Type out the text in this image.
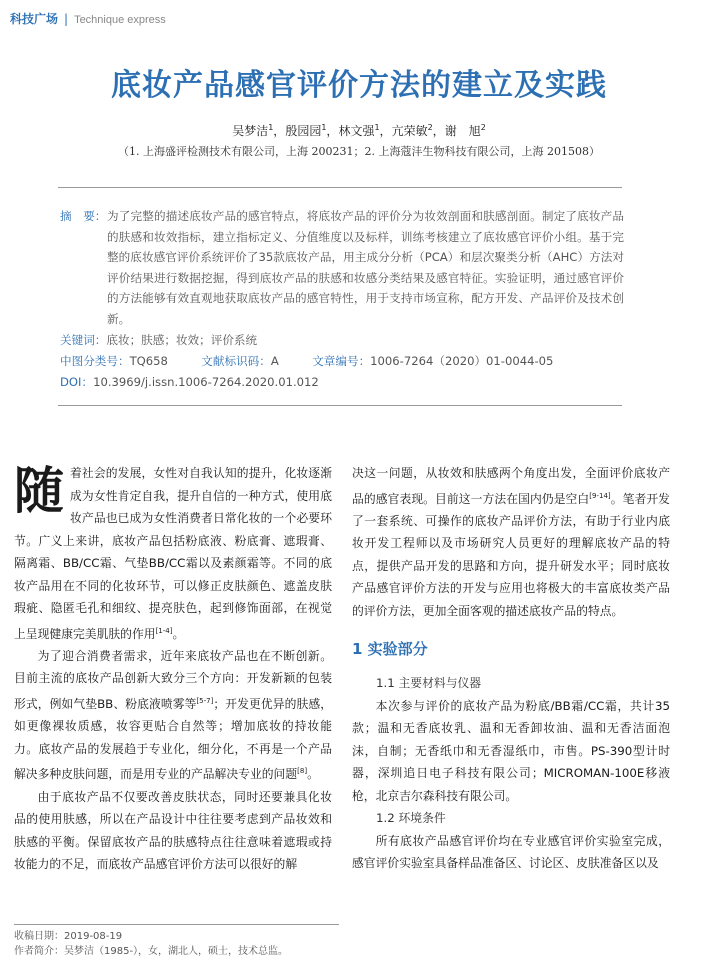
科技广场 | Technique express
底妆产品感官评价方法的建立及实践
吴梦洁$^1$，殷园园$^1$，林文强$^1$，亢荣敏$^2$，谢　旭$^2$
（1. 上海盛评检测技术有限公司，上海 200231；2. 上海蔻沣生物科技有限公司，上海 201508）
摘　要： 为了完整的描述底妆产品的感官特点，将底妆产品的评价分为妆效剖面和肤感剖面。制定了底妆产品的肤感和妆效指标，建立指标定义、分值维度以及标样，训练考核建立了底妆感官评价小组。基于完整的底妆感官评价系统评价了35款底妆产品，用主成分分析（PCA）和层次聚类分析（AHC）方法对评价结果进行数据挖掘，得到底妆产品的肤感和妆感分类结果及感官特征。实验证明，通过感官评价的方法能够有效直观地获取底妆产品的感官特性，用于支持市场宣称，配方开发、产品评价及技术创新。
关键词：底妆；肤感；妆效；评价系统
中图分类号：TQ658	文献标识码：A	文章编号：1006-7264（2020）01-0044-05
DOI：10.3969/j.issn.1006-7264.2020.01.012

随着社会的发展，女性对自我认知的提升，化妆逐渐成为女性肯定自我，提升自信的一种方式，使用底妆产品也已成为女性消费者日常化妆的一个必要环节。广义上来讲，底妆产品包括粉底液、粉底膏、遮瑕膏、隔离霜、BB/CC霜、气垫BB/CC霜以及素颜霜等。不同的底妆产品用在不同的化妆环节，可以修正皮肤颜色、遮盖皮肤瑕疵、隐匿毛孔和细纹、提亮肤色，起到修饰面部，在视觉上呈现健康完美肌肤的作用[1-4]。

为了迎合消费者需求，近年来底妆产品也在不断创新。目前主流的底妆产品创新大致分三个方向：开发新颖的包装形式，例如气垫BB、粉底液喷雾等[5-7]；开发更优异的肤感，如更像裸妆质感，妆容更贴合自然等；增加底妆的持妆能力。底妆产品的发展趋于专业化，细分化，不再是一个产品解决多种皮肤问题，而是用专业的产品解决专业的问题[8]。

由于底妆产品不仅要改善皮肤状态，同时还要兼具化妆品的使用肤感，所以在产品设计中往往要考虑到产品妆效和肤感的平衡。保留底妆产品的肤感特点往往意味着遮瑕或持妆能力的不足，而底妆产品感官评价方法可以很好的解

决这一问题，从妆效和肤感两个角度出发，全面评价底妆产品的感官表现。目前这一方法在国内仍是空白[9-14]。笔者开发了一套系统、可操作的底妆产品评价方法，有助于行业内底妆开发工程师以及市场研究人员更好的理解底妆产品的特点，提供产品开发的思路和方向，提升研发水平；同时底妆产品感官评价方法的开发与应用也将极大的丰富底妆类产品的评价方法，更加全面客观的描述底妆产品的特点。

1 实验部分

1.1 主要材料与仪器

本次参与评价的底妆产品为粉底/BB霜/CC霜，共计35款；温和无香底妆乳、温和无香卸妆油、温和无香洁面泡沫，自制；无香纸巾和无香湿纸巾，市售。PS-390型计时器，深圳追日电子科技有限公司；MICROMAN-100E移液枪，北京吉尔森科技有限公司。

1.2 环境条件

所有底妆产品感官评价均在专业感官评价实验室完成，感官评价实验室具备样品准备区、讨论区、皮肤准备区以及

收稿日期：2019-08-19
作者简介：吴梦洁（1985-），女，湖北人，硕士，技术总监。
